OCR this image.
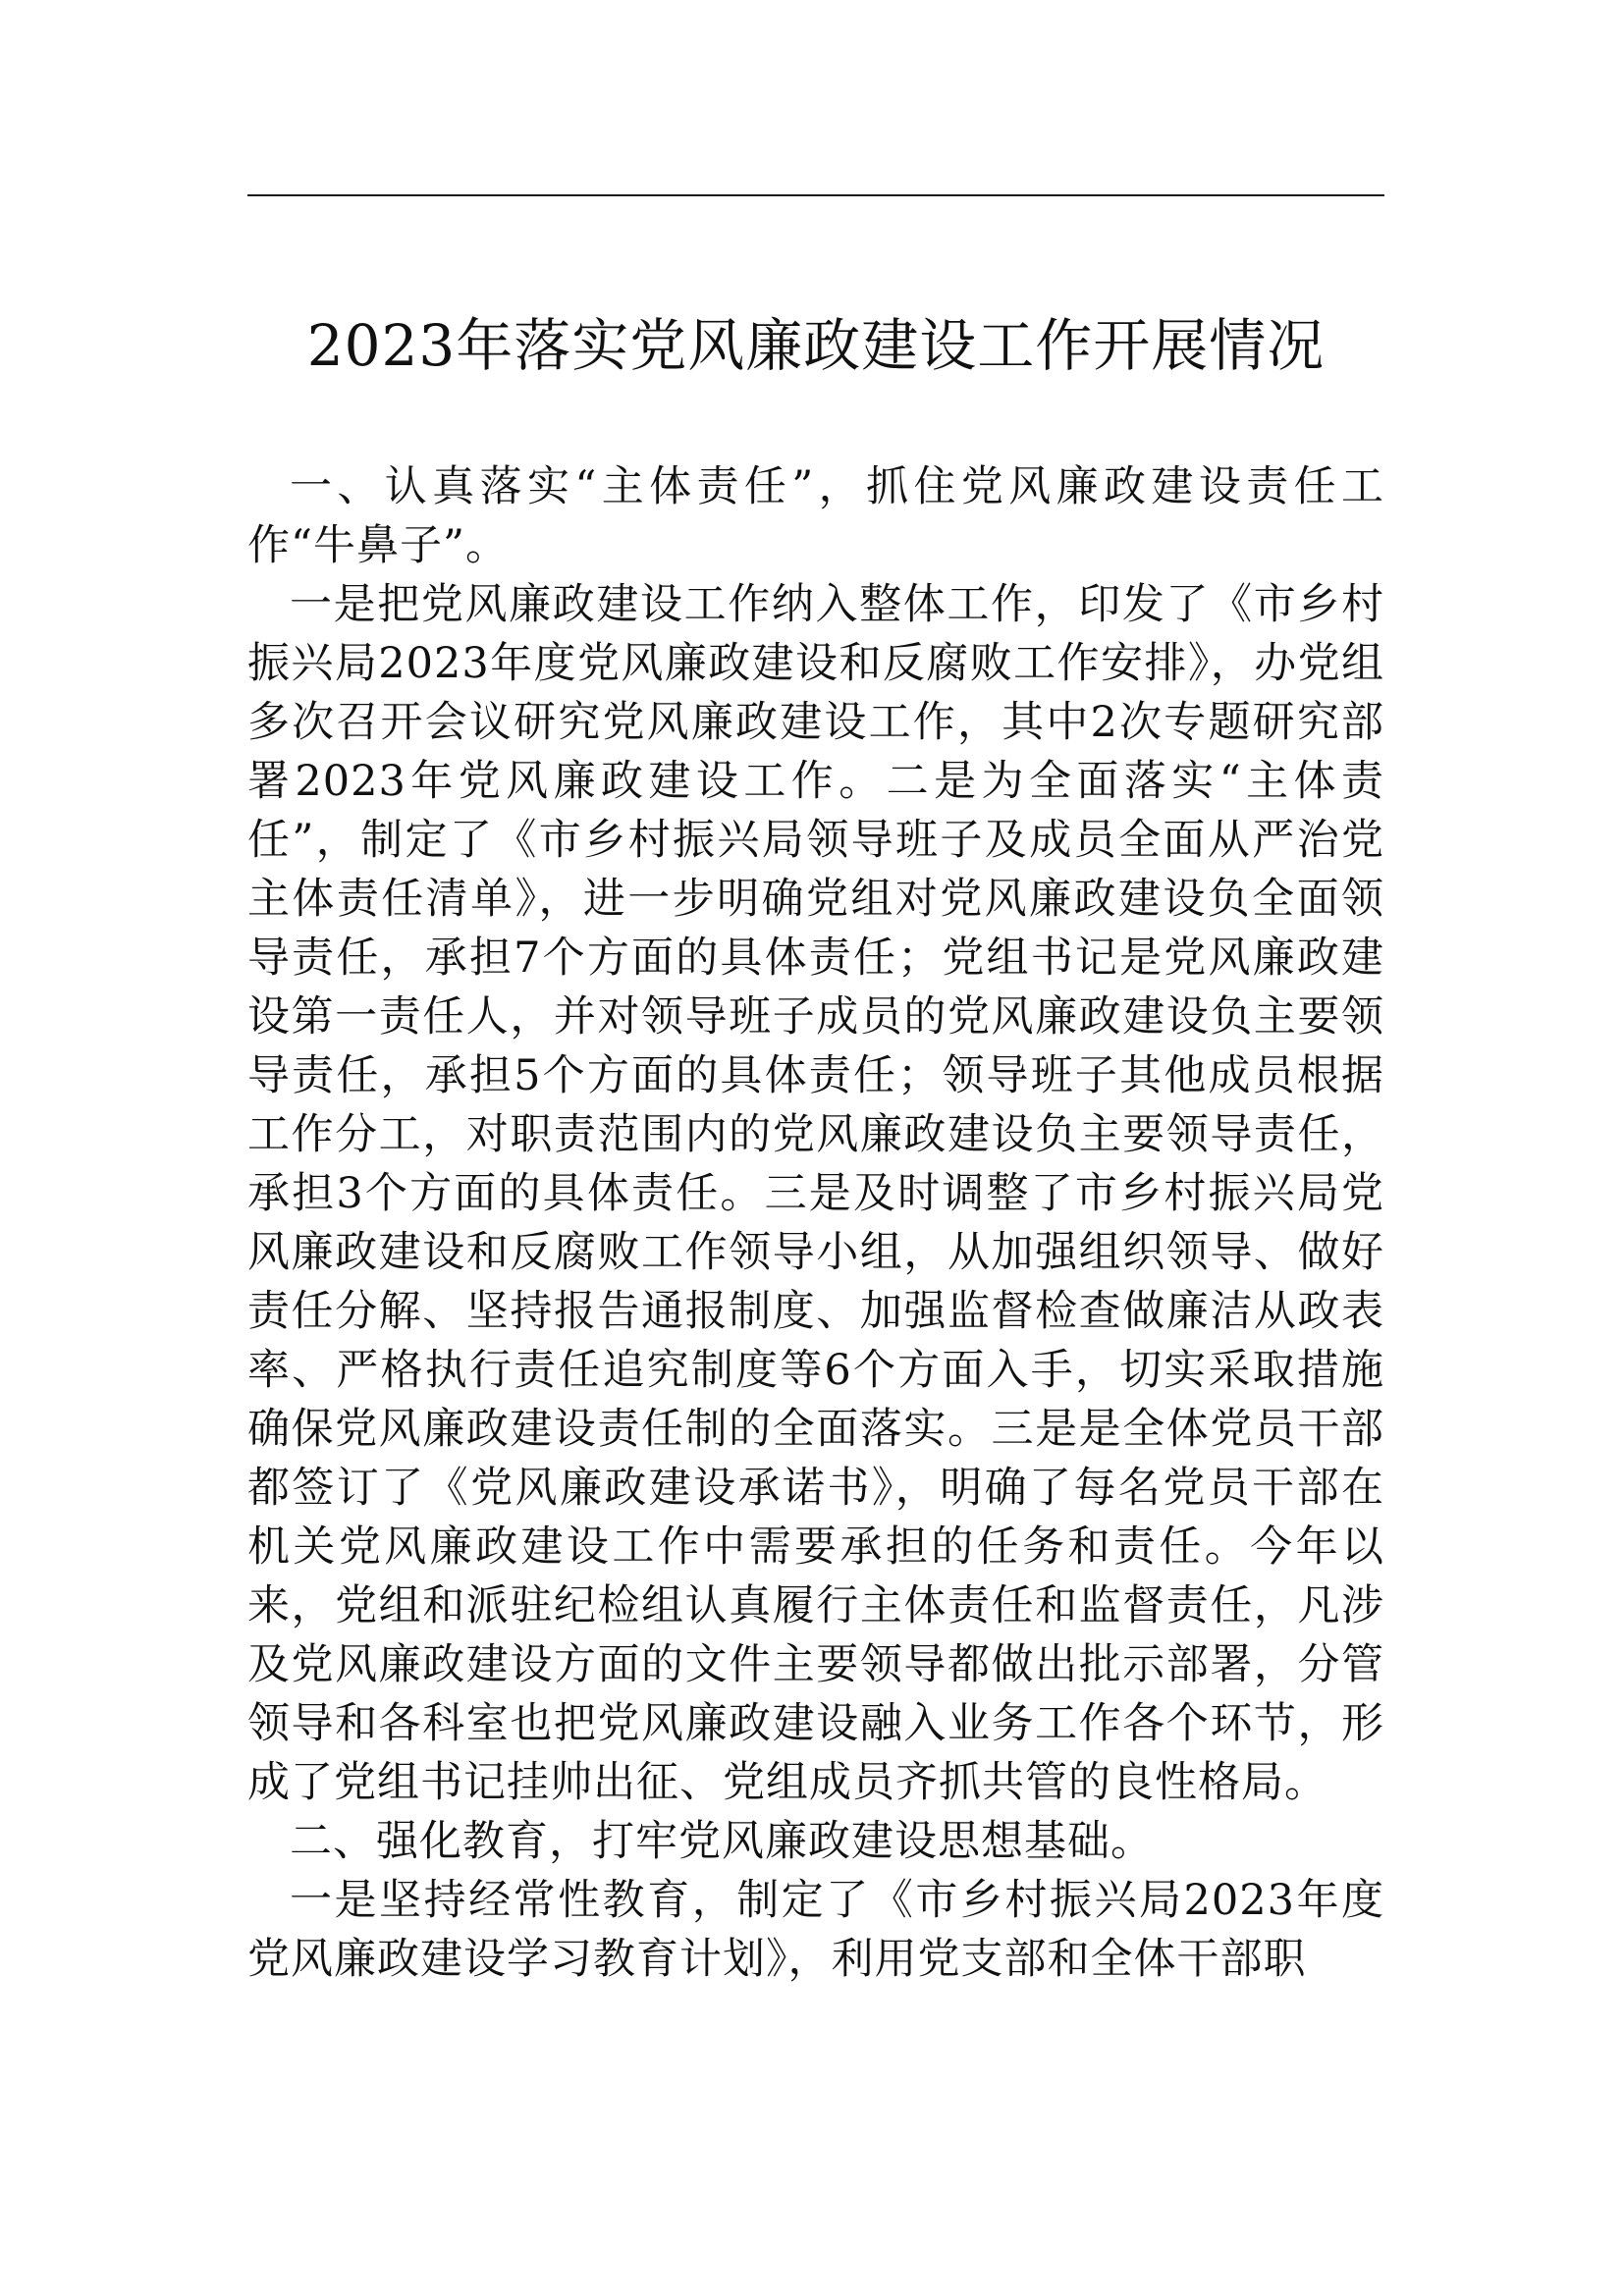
2023年落实党风廉政建设工作开展情况

一、认真落实“主体责任”，抓住党风廉政建设责任工作“牛鼻子”。

一是把党风廉政建设工作纳入整体工作，印发了《市乡村振兴局2023年度党风廉政建设和反腐败工作安排》，办党组多次召开会议研究党风廉政建设工作，其中2次专题研究部署2023年党风廉政建设工作。二是为全面落实“主体责任”，制定了《市乡村振兴局领导班子及成员全面从严治党主体责任清单》，进一步明确党组对党风廉政建设负全面领导责任，承担7个方面的具体责任；党组书记是党风廉政建设第一责任人，并对领导班子成员的党风廉政建设负主要领导责任，承担5个方面的具体责任；领导班子其他成员根据工作分工，对职责范围内的党风廉政建设负主要领导责任，承担3个方面的具体责任。三是及时调整了市乡村振兴局党风廉政建设和反腐败工作领导小组，从加强组织领导、做好责任分解、坚持报告通报制度、加强监督检查做廉洁从政表率、严格执行责任追究制度等6个方面入手，切实采取措施确保党风廉政建设责任制的全面落实。三是是全体党员干部都签订了《党风廉政建设承诺书》，明确了每名党员干部在机关党风廉政建设工作中需要承担的任务和责任。今年以来，党组和派驻纪检组认真履行主体责任和监督责任，凡涉及党风廉政建设方面的文件主要领导都做出批示部署，分管领导和各科室也把党风廉政建设融入业务工作各个环节，形成了党组书记挂帅出征、党组成员齐抓共管的良性格局。

二、强化教育，打牢党风廉政建设思想基础。

一是坚持经常性教育，制定了《市乡村振兴局2023年度党风廉政建设学习教育计划》，利用党支部和全体干部职
